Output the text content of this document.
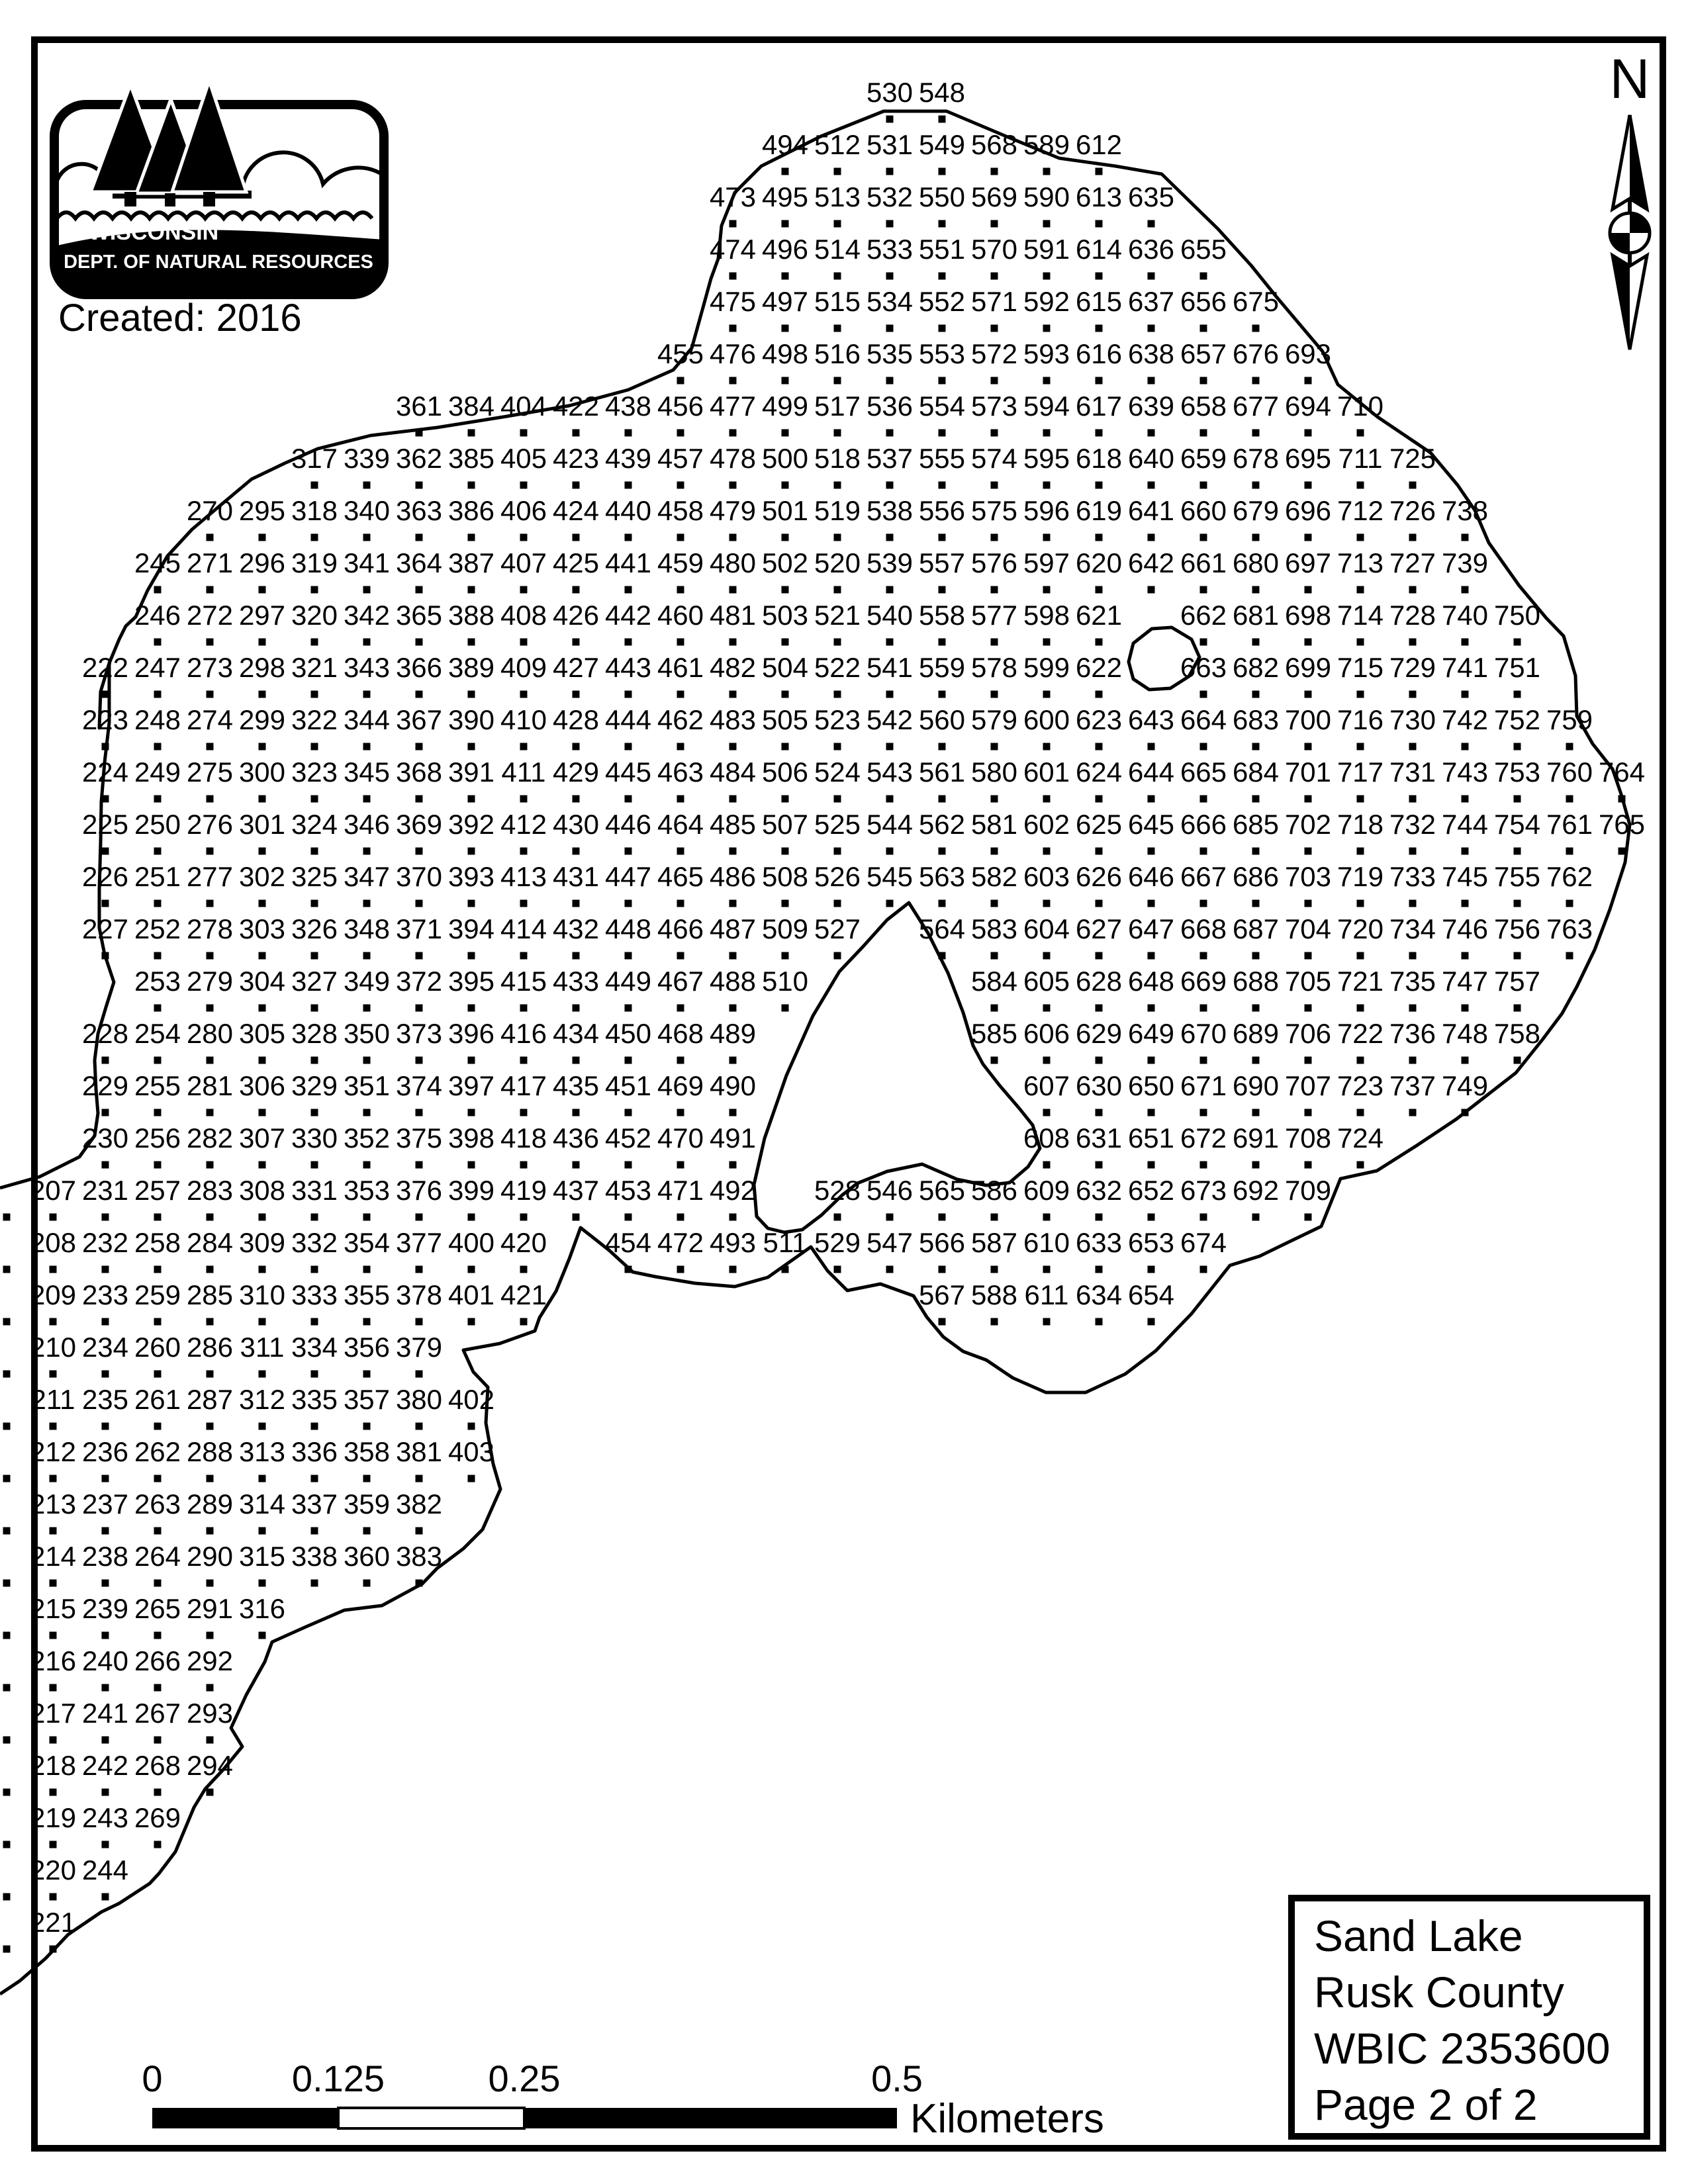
207
208
209
210
211
212
213
214
215
216
217
218
219
220
221
222
223
224
225
226
227
228
229
230
231
232
233
234
235
236
237
238
239
240
241
242
243
244
245
246
247
248
249
250
251
252
253
254
255
256
257
258
259
260
261
262
263
264
265
266
267
268
269
270
271
272
273
274
275
276
277
278
279
280
281
282
283
284
285
286
287
288
289
290
291
292
293
294
295
296
297
298
299
300
301
302
303
304
305
306
307
308
309
310
311
312
313
314
315
316
317
318
319
320
321
322
323
324
325
326
327
328
329
330
331
332
333
334
335
336
337
338
339
340
341
342
343
344
345
346
347
348
349
350
351
352
353
354
355
356
357
358
359
360
361
362
363
364
365
366
367
368
369
370
371
372
373
374
375
376
377
378
379
380
381
382
383
384
385
386
387
388
389
390
391
392
393
394
395
396
397
398
399
400
401
402
403
404
405
406
407
408
409
410
411
412
413
414
415
416
417
418
419
420
421
422
423
424
425
426
427
428
429
430
431
432
433
434
435
436
437
438
439
440
441
442
443
444
445
446
447
448
449
450
451
452
453
454
455
456
457
458
459
460
461
462
463
464
465
466
467
468
469
470
471
472
473
474
475
476
477
478
479
480
481
482
483
484
485
486
487
488
489
490
491
492
493
494
495
496
497
498
499
500
501
502
503
504
505
506
507
508
509
510
511
512
513
514
515
516
517
518
519
520
521
522
523
524
525
526
527
528
529
530
531
532
533
534
535
536
537
538
539
540
541
542
543
544
545
546
547
548
549
550
551
552
553
554
555
556
557
558
559
560
561
562
563
564
565
566
567
568
569
570
571
572
573
574
575
576
577
578
579
580
581
582
583
584
585
586
587
588
589
590
591
592
593
594
595
596
597
598
599
600
601
602
603
604
605
606
607
608
609
610
611
612
613
614
615
616
617
618
619
620
621
622
623
624
625
626
627
628
629
630
631
632
633
634
635
636
637
638
639
640
641
642
643
644
645
646
647
648
649
650
651
652
653
654
655
656
657
658
659
660
661
662
663
664
665
666
667
668
669
670
671
672
673
674
675
676
677
678
679
680
681
682
683
684
685
686
687
688
689
690
691
692
693
694
695
696
697
698
699
700
701
702
703
704
705
706
707
708
709
710
711
712
713
714
715
716
717
718
719
720
721
722
723
724
725
726
727
728
729
730
731
732
733
734
735
736
737
738
739
740
741
742
743
744
745
746
747
748
749
750
751
752
753
754
755
756
757
758
759
760
761
762
763
764
765
WISCONSIN
DEPT. OF NATURAL RESOURCES
Created: 2016
N
0	0.125	0.25	0.5
Kilometers
Sand Lake
Rusk County
WBIC 2353600
Page 2 of 2
